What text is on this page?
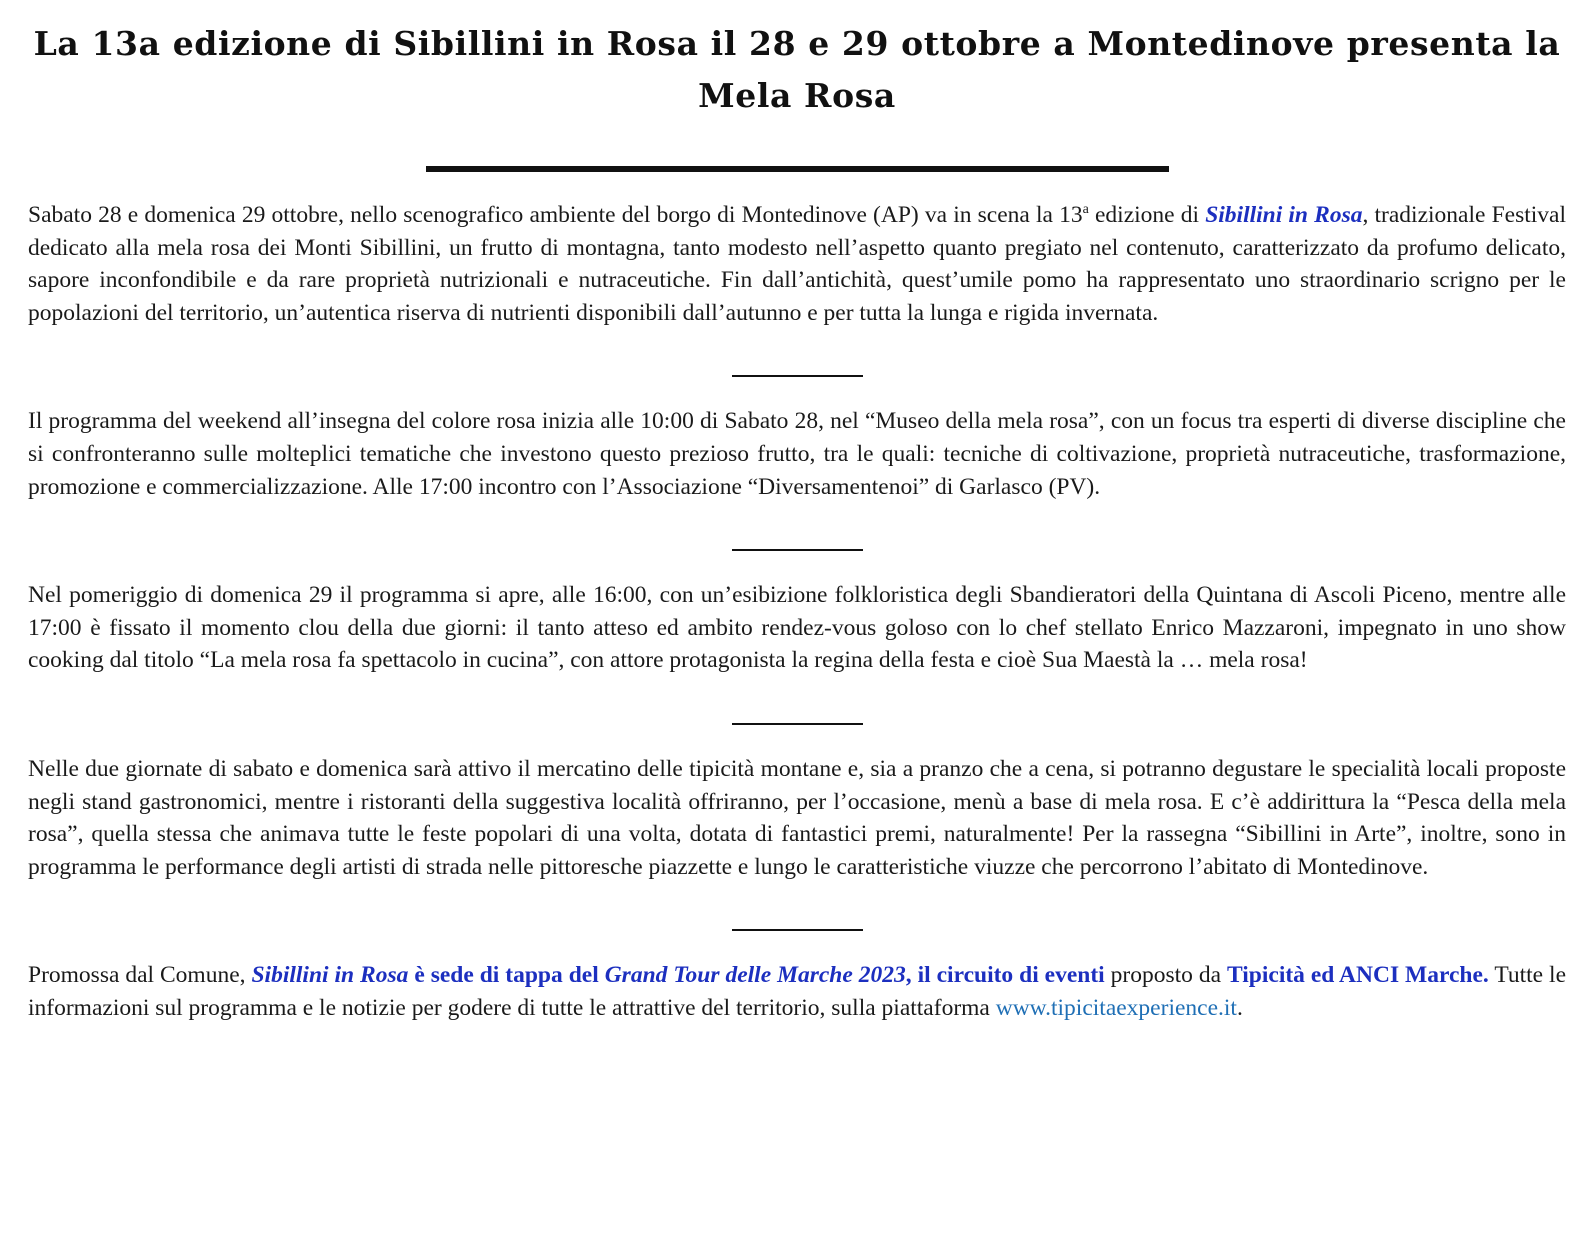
La 13a edizione di Sibillini in Rosa il 28 e 29 ottobre a Montedinove presenta la Mela Rosa

Sabato 28 e domenica 29 ottobre, nello scenografico ambiente del borgo di Montedinove (AP) va in scena la 13$^a$ edizione di Sibillini in Rosa, tradizionale Festival dedicato alla mela rosa dei Monti Sibillini, un frutto di montagna, tanto modesto nell’aspetto quanto pregiato nel contenuto, caratterizzato da profumo delicato, sapore inconfondibile e da rare proprietà nutrizionali e nutraceutiche. Fin dall’antichità, quest’umile pomo ha rappresentato uno straordinario scrigno per le popolazioni del territorio, un’autentica riserva di nutrienti disponibili dall’autunno e per tutta la lunga e rigida invernata.

Il programma del weekend all’insegna del colore rosa inizia alle 10:00 di Sabato 28, nel “Museo della mela rosa”, con un focus tra esperti di diverse discipline che si confronteranno sulle molteplici tematiche che investono questo prezioso frutto, tra le quali: tecniche di coltivazione, proprietà nutraceutiche, trasformazione, promozione e commercializzazione. Alle 17:00 incontro con l’Associazione “Diversamentenoi” di Garlasco (PV).

Nel pomeriggio di domenica 29 il programma si apre, alle 16:00, con un’esibizione folkloristica degli Sbandieratori della Quintana di Ascoli Piceno, mentre alle 17:00 è fissato il momento clou della due giorni: il tanto atteso ed ambito rendez-vous goloso con lo chef stellato Enrico Mazzaroni, impegnato in uno show cooking dal titolo “La mela rosa fa spettacolo in cucina”, con attore protagonista la regina della festa e cioè Sua Maestà la … mela rosa!

Nelle due giornate di sabato e domenica sarà attivo il mercatino delle tipicità montane e, sia a pranzo che a cena, si potranno degustare le specialità locali proposte negli stand gastronomici, mentre i ristoranti della suggestiva località offriranno, per l’occasione, menù a base di mela rosa. E c’è addirittura la “Pesca della mela rosa”, quella stessa che animava tutte le feste popolari di una volta, dotata di fantastici premi, naturalmente! Per la rassegna “Sibillini in Arte”, inoltre, sono in programma le performance degli artisti di strada nelle pittoresche piazzette e lungo le caratteristiche viuzze che percorrono l’abitato di Montedinove.

Promossa dal Comune, Sibillini in Rosa è sede di tappa del Grand Tour delle Marche 2023, il circuito di eventi proposto da Tipicità ed ANCI Marche. Tutte le informazioni sul programma e le notizie per godere di tutte le attrattive del territorio, sulla piattaforma www.tipicitaexperience.it.
